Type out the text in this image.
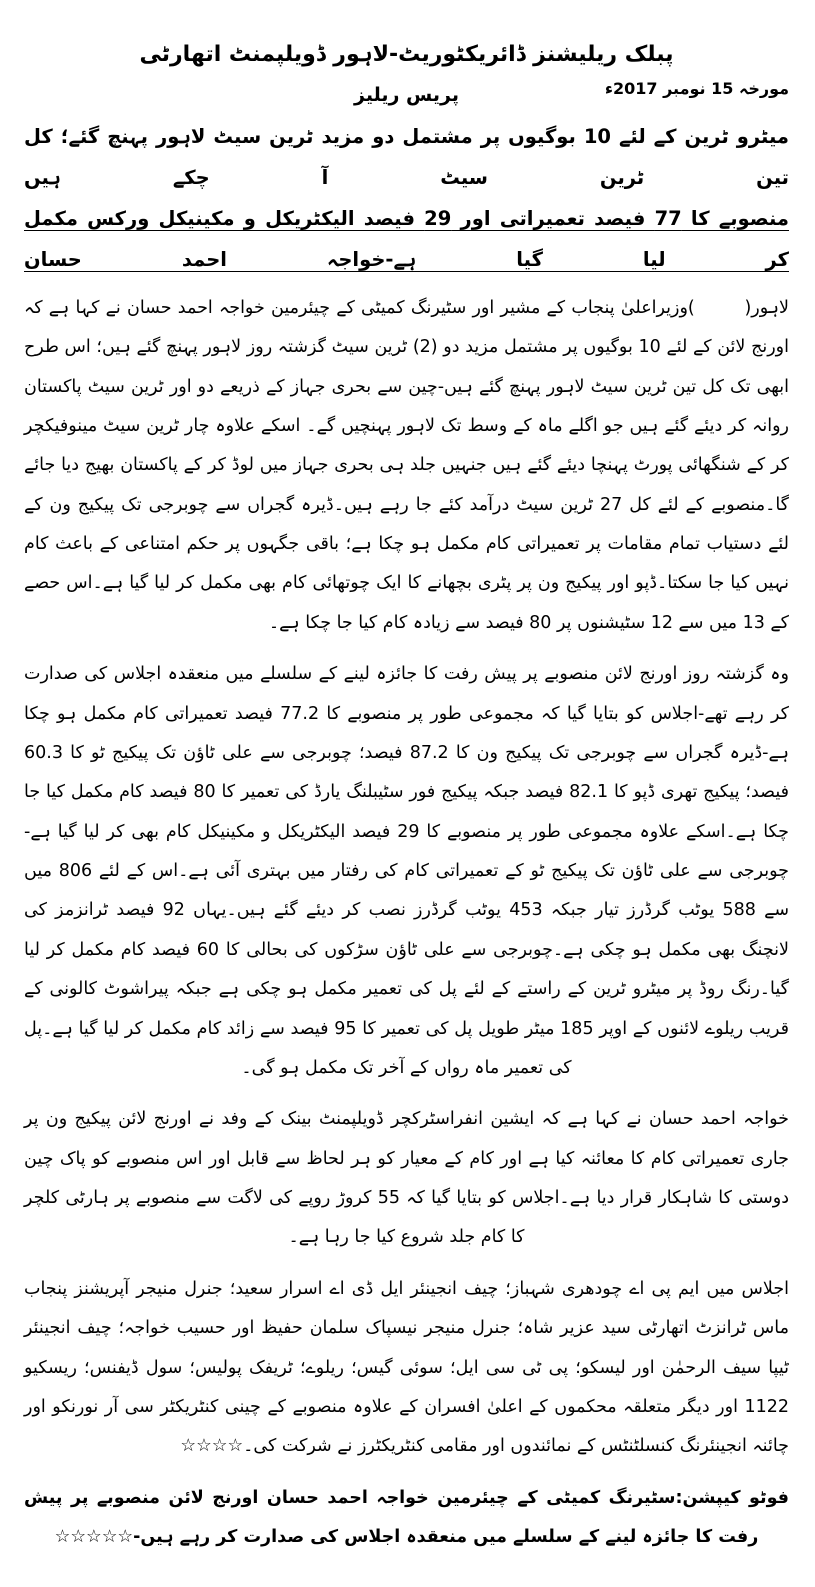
پبلک ریلیشنز ڈائریکٹوریٹ-لاہور ڈویلپمنٹ اتھارٹی
مورخہ 15 نومبر 2017ء
پریس ریلیز
میٹرو ٹرین کے لئے 10 بوگیوں پر مشتمل دو مزید ٹرین سیٹ لاہور پہنچ گئے؛ کل تین ٹرین سیٹ آ چکے ہیں
منصوبے کا 77 فیصد تعمیراتی اور 29 فیصد الیکٹریکل و مکینیکل ورکس مکمل کر لیا گیا ہے-خواجہ احمد حسان

لاہور(        )وزیراعلیٰ پنجاب کے مشیر اور سٹیرنگ کمیٹی کے چیئرمین خواجہ احمد حسان نے کہا ہے کہ اورنج لائن کے لئے 10 بوگیوں پر مشتمل مزید دو (2) ٹرین سیٹ گزشتہ روز لاہور پہنچ گئے ہیں؛ اس طرح ابھی تک کل تین ٹرین سیٹ لاہور پہنچ گئے ہیں-چین سے بحری جہاز کے ذریعے دو اور ٹرین سیٹ پاکستان روانہ کر دیئے گئے ہیں جو اگلے ماہ کے وسط تک لاہور پہنچیں گے۔ اسکے علاوہ چار ٹرین سیٹ مینوفیکچر کر کے شنگھائی پورٹ پہنچا دیئے گئے ہیں جنہیں جلد ہی بحری جہاز میں لوڈ کر کے پاکستان بھیج دیا جائے گا۔منصوبے کے لئے کل 27 ٹرین سیٹ درآمد کئے جا رہے ہیں۔ڈیرہ گجراں سے چوبرجی تک پیکیج ون کے لئے دستیاب تمام مقامات پر تعمیراتی کام مکمل ہو چکا ہے؛ باقی جگہوں پر حکم امتناعی کے باعث کام نہیں کیا جا سکتا۔ڈپو اور پیکیج ون پر پٹری بچھانے کا ایک چوتھائی کام بھی مکمل کر لیا گیا ہے۔اس حصے کے 13 میں سے 12 سٹیشنوں پر 80 فیصد سے زیادہ کام کیا جا چکا ہے۔

وہ گزشتہ روز اورنج لائن منصوبے پر پیش رفت کا جائزہ لینے کے سلسلے میں منعقدہ اجلاس کی صدارت کر رہے تھے-اجلاس کو بتایا گیا کہ مجموعی طور پر منصوبے کا 77.2 فیصد تعمیراتی کام مکمل ہو چکا ہے-ڈیرہ گجراں سے چوبرجی تک پیکیج ون کا 87.2 فیصد؛ چوبرجی سے علی ٹاؤن تک پیکیج ٹو کا 60.3 فیصد؛ پیکیج تھری ڈپو کا 82.1 فیصد جبکہ پیکیج فور سٹیبلنگ یارڈ کی تعمیر کا 80 فیصد کام مکمل کیا جا چکا ہے۔اسکے علاوہ مجموعی طور پر منصوبے کا 29 فیصد الیکٹریکل و مکینیکل کام بھی کر لیا گیا ہے-چوبرجی سے علی ٹاؤن تک پیکیج ٹو کے تعمیراتی کام کی رفتار میں بہتری آئی ہے۔اس کے لئے 806 میں سے 588 یوٹب گرڈرز تیار جبکہ 453 یوٹب گرڈرز نصب کر دیئے گئے ہیں۔یہاں 92 فیصد ٹرانزمز کی لانچنگ بھی مکمل ہو چکی ہے۔چوبرجی سے علی ٹاؤن سڑکوں کی بحالی کا 60 فیصد کام مکمل کر لیا گیا۔رنگ روڈ پر میٹرو ٹرین کے راستے کے لئے پل کی تعمیر مکمل ہو چکی ہے جبکہ پیراشوٹ کالونی کے قریب ریلوے لائنوں کے اوپر 185 میٹر طویل پل کی تعمیر کا 95 فیصد سے زائد کام مکمل کر لیا گیا ہے۔پل کی تعمیر ماہ رواں کے آخر تک مکمل ہو گی۔

خواجہ احمد حسان نے کہا ہے کہ ایشین انفراسٹرکچر ڈویلپمنٹ بینک کے وفد نے اورنج لائن پیکیج ون پر جاری تعمیراتی کام کا معائنہ کیا ہے اور کام کے معیار کو ہر لحاظ سے قابل اور اس منصوبے کو پاک چین دوستی کا شاہکار قرار دیا ہے۔اجلاس کو بتایا گیا کہ 55 کروڑ روپے کی لاگت سے منصوبے پر ہارٹی کلچر کا کام جلد شروع کیا جا رہا ہے۔

اجلاس میں ایم پی اے چودھری شہباز؛ چیف انجینئر ایل ڈی اے اسرار سعید؛ جنرل منیجر آپریشنز پنجاب ماس ٹرانزٹ اتھارٹی سید عزیر شاہ؛ جنرل منیجر نیسپاک سلمان حفیظ اور حسیب خواجہ؛ چیف انجینئر ٹیپا سیف الرحمٰن اور لیسکو؛ پی ٹی سی ایل؛ سوئی گیس؛ ریلوے؛ ٹریفک پولیس؛ سول ڈیفنس؛ ریسکیو 1122 اور دیگر متعلقہ محکموں کے اعلیٰ افسران کے علاوہ منصوبے کے چینی کنٹریکٹر سی آر نورنکو اور چائنہ انجینئرنگ کنسلٹنٹس کے نمائندوں اور مقامی کنٹریکٹرز نے شرکت کی۔☆☆☆☆

فوٹو کیپشن:سٹیرنگ کمیٹی کے چیئرمین خواجہ احمد حسان اورنج لائن منصوبے پر پیش رفت کا جائزہ لینے کے سلسلے میں منعقدہ اجلاس کی صدارت کر رہے ہیں-☆☆☆☆☆
